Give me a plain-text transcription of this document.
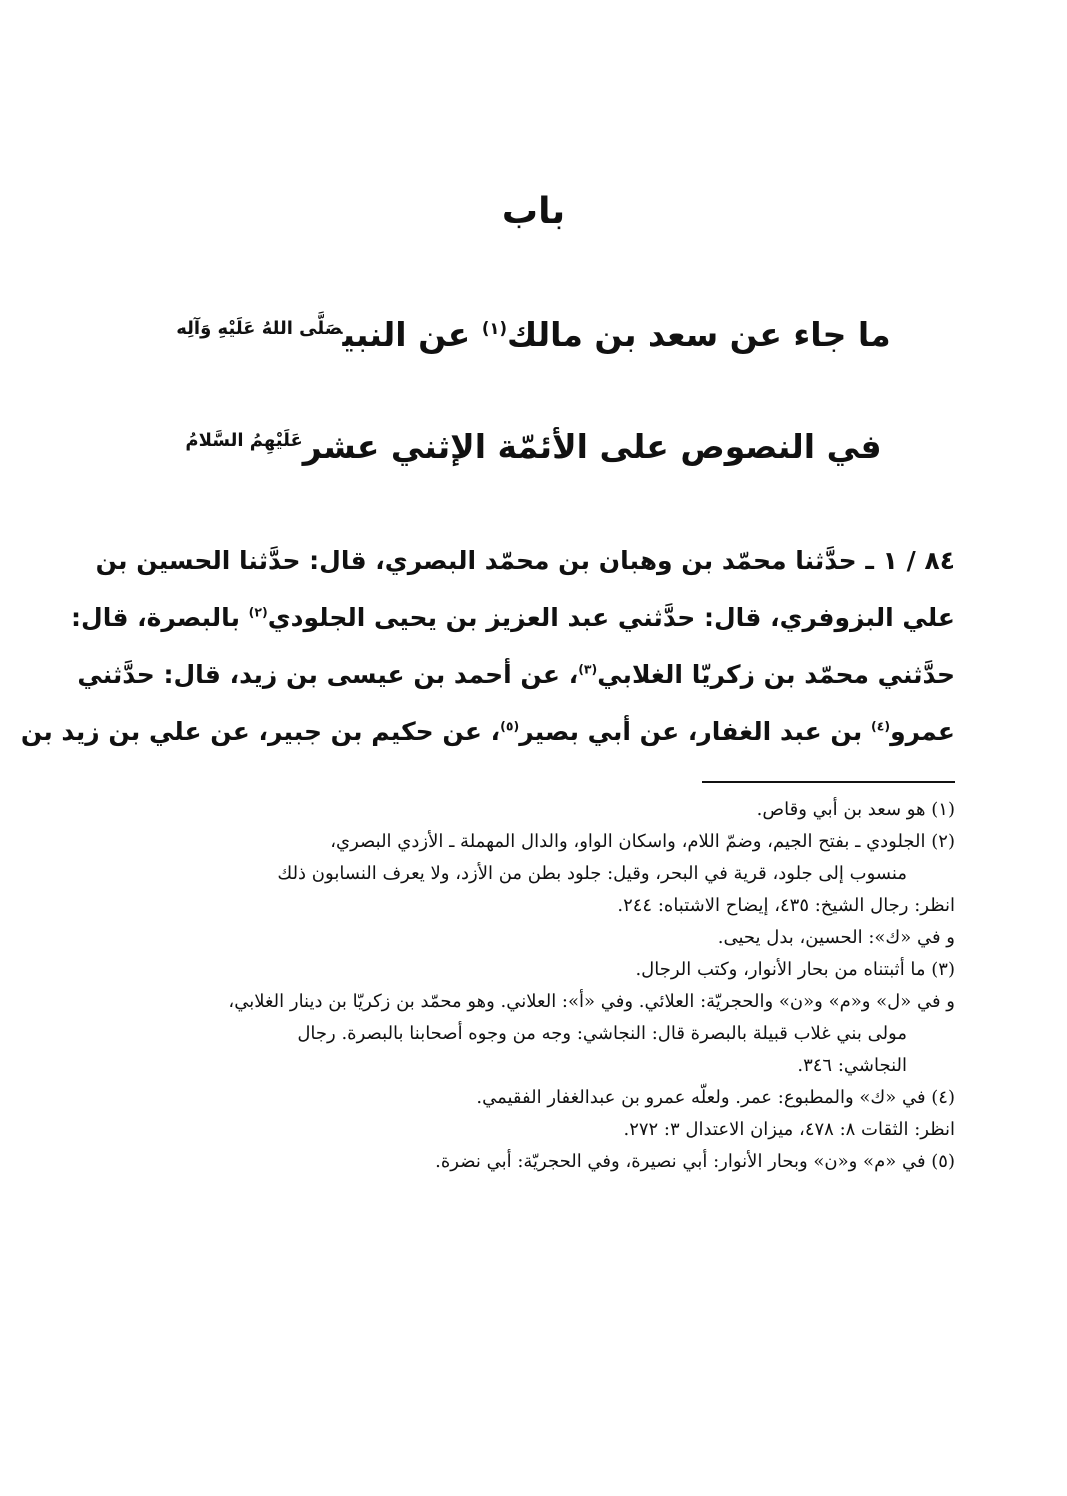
باب
ما جاء عن سعد بن مالك$^{(١)}$ عن النبي$^{صَلَّى اللهُ عَلَيْهِ وَآلِه}$
في النصوص على الأئمّة الإثني عشر$^{عَلَيْهِمُ السَّلامُ}$
٨٤ / ١ ـ حدَّثنا محمّد بن وهبان بن محمّد البصري، قال: حدَّثنا الحسين بن
علي البزوفري، قال: حدَّثني عبد العزيز بن يحيى الجلودي$^{(٢)}$ بالبصرة، قال:
حدَّثني محمّد بن زكريّا الغلابي$^{(٣)}$، عن أحمد بن عيسى بن زيد، قال: حدَّثني
عمرو$^{(٤)}$ بن عبد الغفار، عن أبي بصير$^{(٥)}$، عن حكيم بن جبير، عن علي بن زيد بن
(١) هو سعد بن أبي وقاص.
(٢) الجلودي ـ بفتح الجيم، وضمّ اللام، واسكان الواو، والدال المهملة ـ الأزدي البصري،
منسوب إلى جلود، قرية في البحر، وقيل: جلود بطن من الأزد، ولا يعرف النسابون ذلك
انظر: رجال الشيخ: ٤٣٥، إيضاح الاشتباه: ٢٤٤.
و في «ك»: الحسين، بدل يحيى.
(٣) ما أثبتناه من بحار الأنوار، وكتب الرجال.
و في «ل» و«م» و«ن» والحجريّة: العلائي. وفي «أ»: العلاني. وهو محمّد بن زكريّا بن دينار الغلابي،
مولى بني غلاب قبيلة بالبصرة قال: النجاشي: وجه من وجوه أصحابنا بالبصرة. رجال
النجاشي: ٣٤٦.
(٤) في «ك» والمطبوع: عمر. ولعلّه عمرو بن عبدالغفار الفقيمي.
انظر: الثقات ٨: ٤٧٨، ميزان الاعتدال ٣: ٢٧٢.
(٥) في «م» و«ن» وبحار الأنوار: أبي نصيرة، وفي الحجريّة: أبي نضرة.
